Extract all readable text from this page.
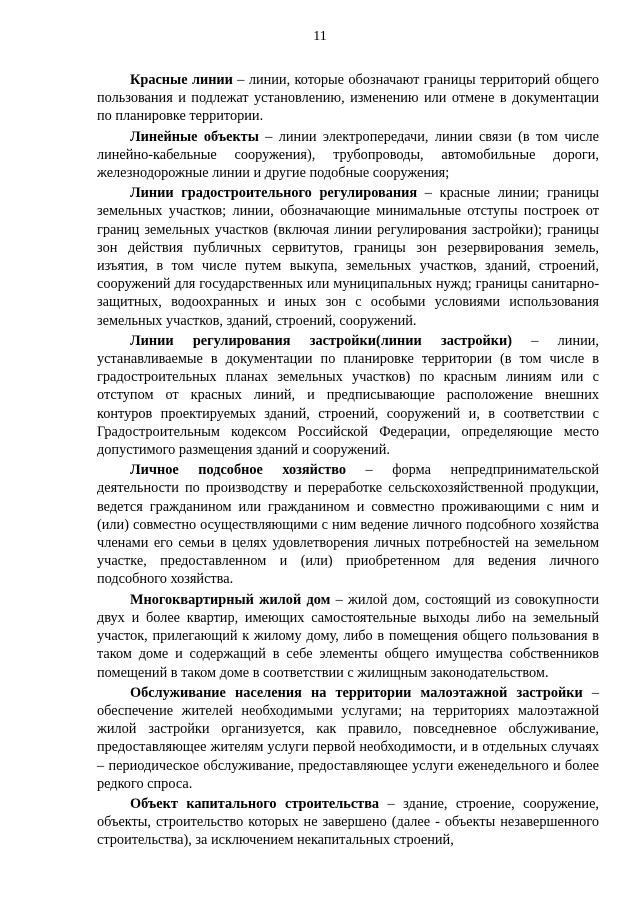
11

Красные линии – линии, которые обозначают границы территорий общего пользования и подлежат установлению, изменению или отмене в документации по планировке территории.

Линейные объекты – линии электропередачи, линии связи (в том числе линейно-кабельные сооружения), трубопроводы, автомобильные дороги, железнодорожные линии и другие подобные сооружения;

Линии градостроительного регулирования – красные линии; границы земельных участков; линии, обозначающие минимальные отступы построек от границ земельных участков (включая линии регулирования застройки); границы зон действия публичных сервитутов, границы зон резервирования земель, изъятия, в том числе путем выкупа, земельных участков, зданий, строений, сооружений для государственных или муниципальных нужд; границы санитарно-защитных, водоохранных и иных зон с особыми условиями использования земельных участков, зданий, строений, сооружений.

Линии регулирования застройки(линии застройки) – линии, устанавливаемые в документации по планировке территории (в том числе в градостроительных планах земельных участков) по красным линиям или с отступом от красных линий, и предписывающие расположение внешних контуров проектируемых зданий, строений, сооружений и, в соответствии с Градостроительным кодексом Российской Федерации, определяющие место допустимого размещения зданий и сооружений.

Личное подсобное хозяйство – форма непредпринимательской деятельности по производству и переработке сельскохозяйственной продукции, ведется гражданином или гражданином и совместно проживающими с ним и (или) совместно осуществляющими с ним ведение личного подсобного хозяйства членами его семьи в целях удовлетворения личных потребностей на земельном участке, предоставленном и (или) приобретенном для ведения личного подсобного хозяйства.

Многоквартирный жилой дом – жилой дом, состоящий из совокупности двух и более квартир, имеющих самостоятельные выходы либо на земельный участок, прилегающий к жилому дому, либо в помещения общего пользования в таком доме и содержащий в себе элементы общего имущества собственников помещений в таком доме в соответствии с жилищным законодательством.

Обслуживание населения на территории малоэтажной застройки – обеспечение жителей необходимыми услугами; на территориях малоэтажной жилой застройки организуется, как правило, повседневное обслуживание, предоставляющее жителям услуги первой необходимости, и в отдельных случаях – периодическое обслуживание, предоставляющее услуги еженедельного и более редкого спроса.

Объект капитального строительства – здание, строение, сооружение, объекты, строительство которых не завершено (далее - объекты незавершенного строительства), за исключением некапитальных строений,
